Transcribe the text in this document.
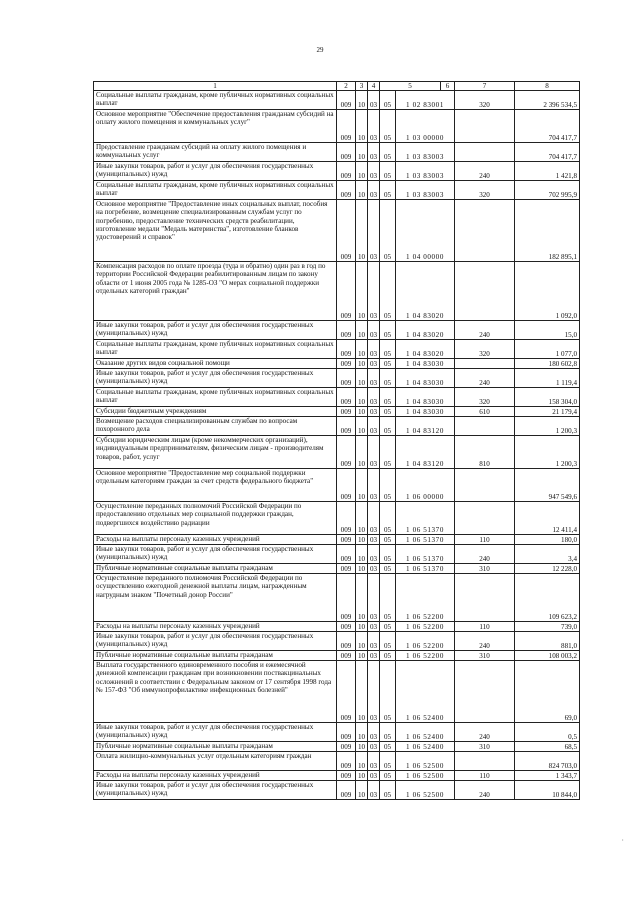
29
1	2	3	4	5		6	7	8	
Социальные выплаты гражданам, кроме публичных нормативных социальных выплат	009	10	03	05	1 02 83001		320	2 396 534,5	
Основное мероприятие "Обеспечение предоставления гражданам субсидий на оплату жилого помещения и коммунальных услуг"	009	10	03	05	1 03 00000			704 417,7	
Предоставление гражданам субсидий на оплату жилого помещения и коммунальных услуг	009	10	03	05	1 03 83003			704 417,7	
Иные закупки товаров, работ и услуг для обеспечения государственных (муниципальных) нужд	009	10	03	05	1 03 83003		240	1 421,8	
Социальные выплаты гражданам, кроме публичных нормативных социальных выплат	009	10	03	05	1 03 83003		320	702 995,9	
Основное мероприятие "Предоставление иных социальных выплат, пособия на погребение, возмещение специализированным службам услуг по погребению, предоставление технических средств реабилитации, изготовление медали "Медаль материнства", изготовление бланков удостоверений и справок"	009	10	03	05	1 04 00000			182 895,1	
Компенсация расходов по оплате проезда (туда и обратно) один раз в год по территории Российской Федерации реабилитированным лицам по закону области от 1 июня 2005 года № 1285-ОЗ "О мерах социальной поддержки отдельных категорий граждан"	009	10	03	05	1 04 83020			1 092,0	
Иные закупки товаров, работ и услуг для обеспечения государственных (муниципальных) нужд	009	10	03	05	1 04 83020		240	15,0	
Социальные выплаты гражданам, кроме публичных нормативных социальных выплат	009	10	03	05	1 04 83020		320	1 077,0	
Оказание других видов социальной помощи	009	10	03	05	1 04 83030			180 602,8	
Иные закупки товаров, работ и услуг для обеспечения государственных (муниципальных) нужд	009	10	03	05	1 04 83030		240	1 119,4	
Социальные выплаты гражданам, кроме публичных нормативных социальных выплат	009	10	03	05	1 04 83030		320	158 304,0	
Субсидии бюджетным учреждениям	009	10	03	05	1 04 83030		610	21 179,4	
Возмещение расходов специализированным службам по вопросам похоронного дела	009	10	03	05	1 04 83120			1 200,3	
Субсидии юридическим лицам (кроме некоммерческих организаций), индивидуальным предпринимателям, физическим лицам - производителям товаров, работ, услуг	009	10	03	05	1 04 83120		810	1 200,3	
Основное мероприятие "Предоставление мер социальной поддержки отдельным категориям граждан за счет средств федерального бюджета"	009	10	03	05	1 06 00000			947 549,6	
Осуществление переданных полномочий Российской Федерации по предоставлению отдельных мер социальной поддержки граждан, подвергшихся воздействию радиации	009	10	03	05	1 06 51370			12 411,4	
Расходы на выплаты персоналу казенных учреждений	009	10	03	05	1 06 51370		110	180,0	
Иные закупки товаров, работ и услуг для обеспечения государственных (муниципальных) нужд	009	10	03	05	1 06 51370		240	3,4	
Публичные нормативные социальные выплаты гражданам	009	10	03	05	1 06 51370		310	12 228,0	
Осуществление переданного полномочия Российской Федерации по осуществлению ежегодной денежной выплаты лицам, награжденным нагрудным знаком "Почетный донор России"	009	10	03	05	1 06 52200			109 623,2	
Расходы на выплаты персоналу казенных учреждений	009	10	03	05	1 06 52200		110	739,0	
Иные закупки товаров, работ и услуг для обеспечения государственных (муниципальных) нужд	009	10	03	05	1 06 52200		240	881,0	
Публичные нормативные социальные выплаты гражданам	009	10	03	05	1 06 52200		310	108 003,2	
Выплата государственного единовременного пособия и ежемесячной денежной компенсации гражданам при возникновении поствакцинальных осложнений в соответствии с Федеральным законом от 17 сентября 1998 года № 157-ФЗ "Об иммунопрофилактике инфекционных болезней"	009	10	03	05	1 06 52400			69,0	
Иные закупки товаров, работ и услуг для обеспечения государственных (муниципальных) нужд	009	10	03	05	1 06 52400		240	0,5	
Публичные нормативные социальные выплаты гражданам	009	10	03	05	1 06 52400		310	68,5	
Оплата жилищно-коммунальных услуг отдельным категориям граждан	009	10	03	05	1 06 52500			824 703,0	
Расходы на выплаты персоналу казенных учреждений	009	10	03	05	1 06 52500		110	1 343,7	
Иные закупки товаров, работ и услуг для обеспечения государственных (муниципальных) нужд	009	10	03	05	1 06 52500		240	10 844,0	
·
